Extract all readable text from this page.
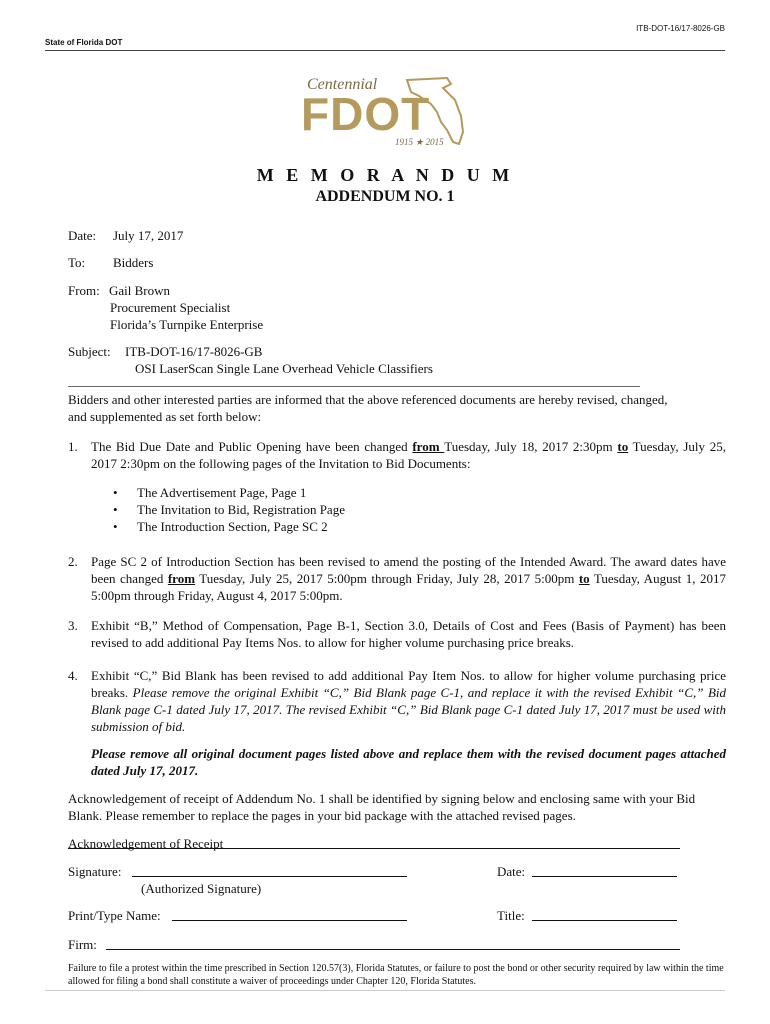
ITB-DOT-16/17-8026-GB
State of Florida DOT
Centennial
FDOT
1915 ★ 2015
M E M O R A N D U M
ADDENDUM NO. 1
Date: July 17, 2017
To: Bidders
From: Gail Brown
Procurement Specialist
Florida’s Turnpike Enterprise
Subject: ITB-DOT-16/17-8026-GB
OSI LaserScan Single Lane Overhead Vehicle Classifiers
________________________________________________________________________________________
Bidders and other interested parties are informed that the above referenced documents are hereby revised, changed, and supplemented as set forth below:
1. The Bid Due Date and Public Opening have been changed from Tuesday, July 18, 2017 2:30pm to Tuesday, July 25, 2017 2:30pm on the following pages of the Invitation to Bid Documents:
• The Advertisement Page, Page 1
• The Invitation to Bid, Registration Page
• The Introduction Section, Page SC 2
2. Page SC 2 of Introduction Section has been revised to amend the posting of the Intended Award. The award dates have been changed from Tuesday, July 25, 2017 5:00pm through Friday, July 28, 2017 5:00pm to Tuesday, August 1, 2017 5:00pm through Friday, August 4, 2017 5:00pm.
3. Exhibit “B,” Method of Compensation, Page B-1, Section 3.0, Details of Cost and Fees (Basis of Payment) has been revised to add additional Pay Items Nos. to allow for higher volume purchasing price breaks.
4. Exhibit “C,” Bid Blank has been revised to add additional Pay Item Nos. to allow for higher volume purchasing price breaks. Please remove the original Exhibit “C,” Bid Blank page C-1, and replace it with the revised Exhibit “C,” Bid Blank page C-1 dated July 17, 2017. The revised Exhibit “C,” Bid Blank page C-1 dated July 17, 2017 must be used with submission of bid.
Please remove all original document pages listed above and replace them with the revised document pages attached dated July 17, 2017.
Acknowledgement of receipt of Addendum No. 1 shall be identified by signing below and enclosing same with your Bid Blank. Please remember to replace the pages in your bid package with the attached revised pages.
Acknowledgement of Receipt
Signature:
(Authorized Signature)
Date:
Print/Type Name:	Title:
Firm:
Failure to file a protest within the time prescribed in Section 120.57(3), Florida Statutes, or failure to post the bond or other security required by law within the time allowed for filing a bond shall constitute a waiver of proceedings under Chapter 120, Florida Statutes.
